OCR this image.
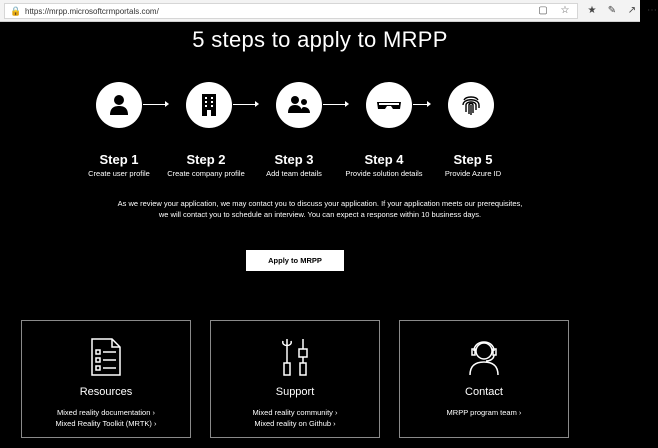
🔒 https://mrpp.microsoftcrmportals.com/	▢ ☆ ★ ✎ ↗ ⋯
5 steps to apply to MRPP
Step 1
Create user profile
Step 2
Create company profile
Step 3
Add team details
Step 4
Provide solution details
Step 5
Provide Azure ID

As we review your application, we may contact you to discuss your application. If your application meets our prerequisites, we will contact you to schedule an interview. You can expect a response within 10 business days.

Apply to MRPP
Resources
Mixed reality documentation ›
Mixed Reality Toolkit (MRTK) ›
Support
Mixed reality community ›
Mixed reality on Github ›
Contact
MRPP program team ›
